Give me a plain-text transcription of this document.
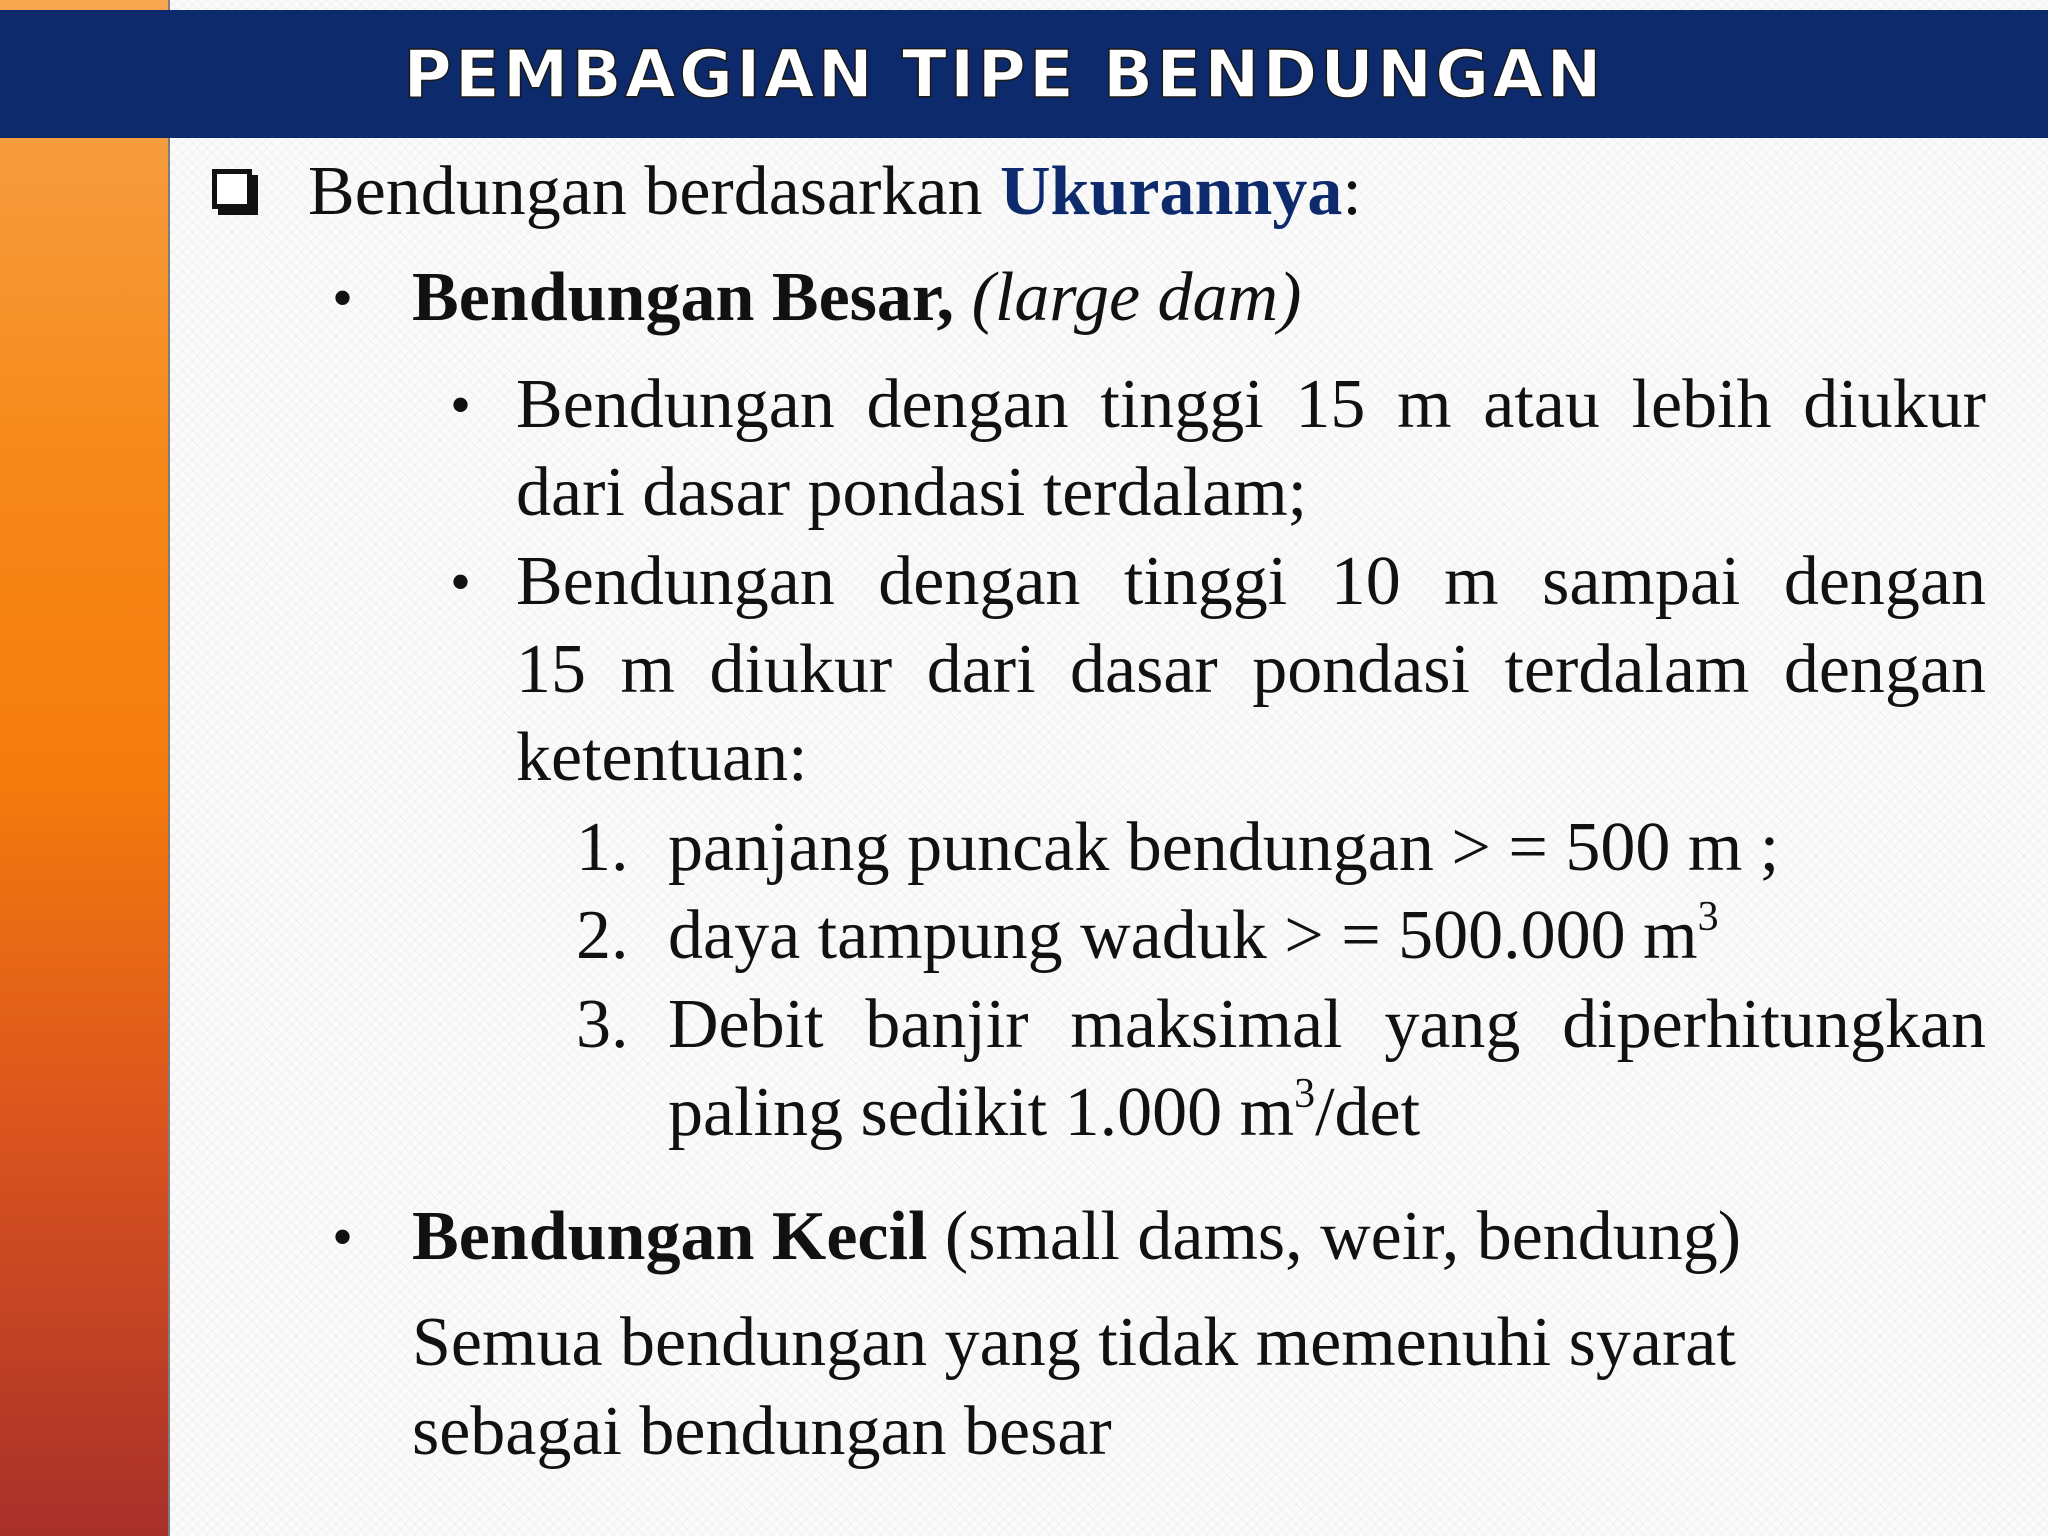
PEMBAGIAN TIPE BENDUNGAN
Bendungan berdasarkan Ukurannya:
• Bendungan Besar, (large dam)
• Bendungan dengan tinggi 15 m atau lebih diukur
dari dasar pondasi terdalam;
• Bendungan dengan tinggi 10 m sampai dengan
15 m diukur dari dasar pondasi terdalam dengan
ketentuan:
1. panjang puncak bendungan > = 500 m ;
2. daya tampung waduk > = 500.000 $m^3$
3. Debit banjir maksimal yang diperhitungkan
paling sedikit 1.000 $m^3/\det$
• Bendungan Kecil (small dams, weir, bendung)
Semua bendungan yang tidak memenuhi syarat
sebagai bendungan besar
